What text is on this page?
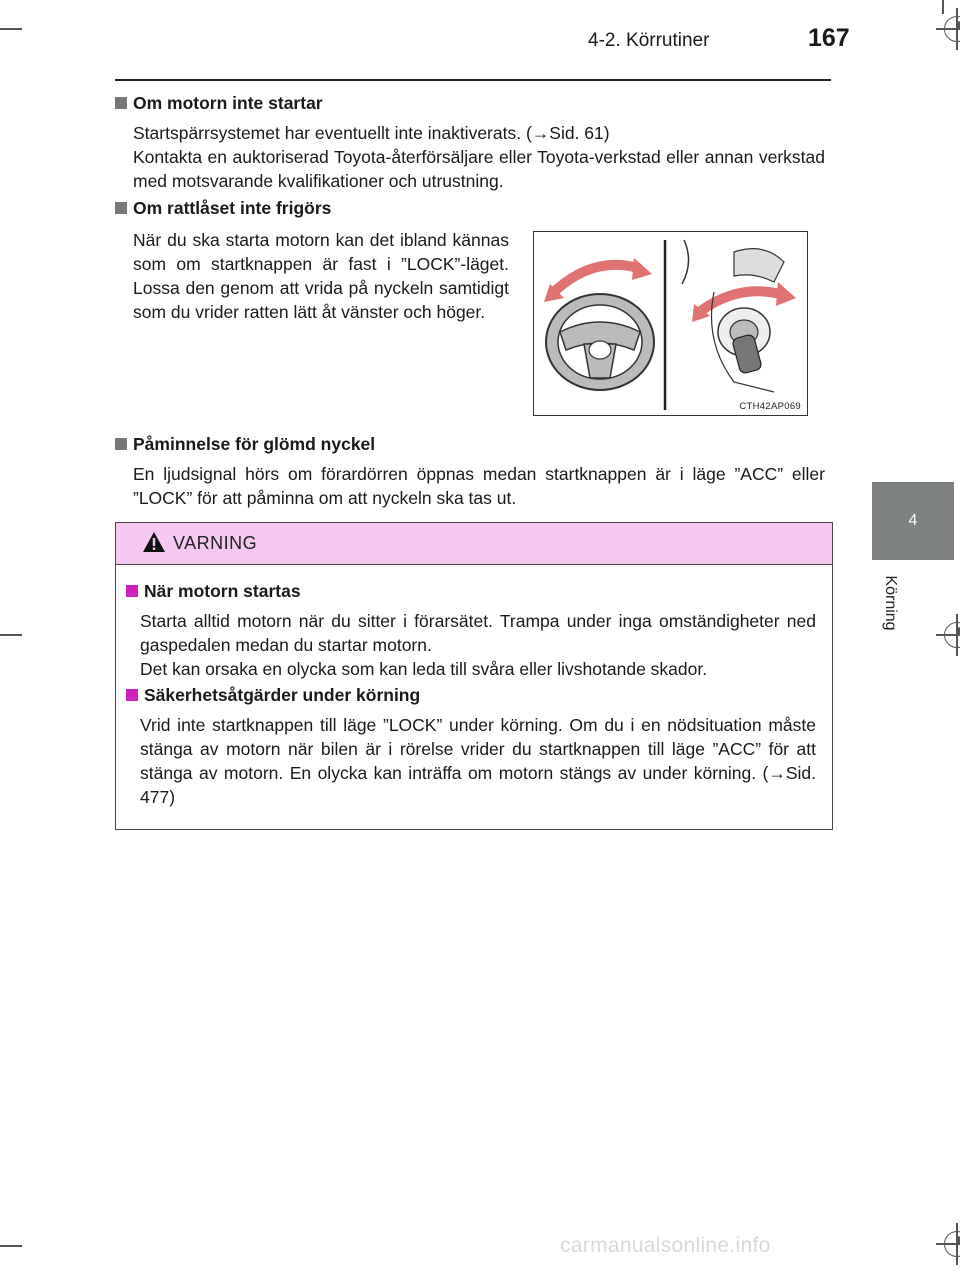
4-2. Körrutiner	167
4
Körning
Om motorn inte startar

Startspärrsystemet har eventuellt inte inaktiverats. (→Sid. 61)

Kontakta en auktoriserad Toyota-återförsäljare eller Toyota-verkstad eller annan verkstad med motsvarande kvalifikationer och utrustning.

Om rattlåset inte frigörs

När du ska starta motorn kan det ibland kännas som om startknappen är fast i ”LOCK”-läget. Lossa den genom att vrida på nyckeln samtidigt som du vrider ratten lätt åt vänster och höger.

CTH42AP069
Påminnelse för glömd nyckel

En ljudsignal hörs om förardörren öppnas medan startknappen är i läge ”ACC” eller ”LOCK” för att påminna om att nyckeln ska tas ut.

VARNING
När motorn startas

Starta alltid motorn när du sitter i förarsätet. Trampa under inga omständigheter ned gaspedalen medan du startar motorn.

Det kan orsaka en olycka som kan leda till svåra eller livshotande skador.

Säkerhetsåtgärder under körning

Vrid inte startknappen till läge ”LOCK” under körning. Om du i en nödsituation måste stänga av motorn när bilen är i rörelse vrider du startknappen till läge ”ACC” för att stänga av motorn. En olycka kan inträffa om motorn stängs av under körning. (→Sid. 477)

carmanualsonline.info
